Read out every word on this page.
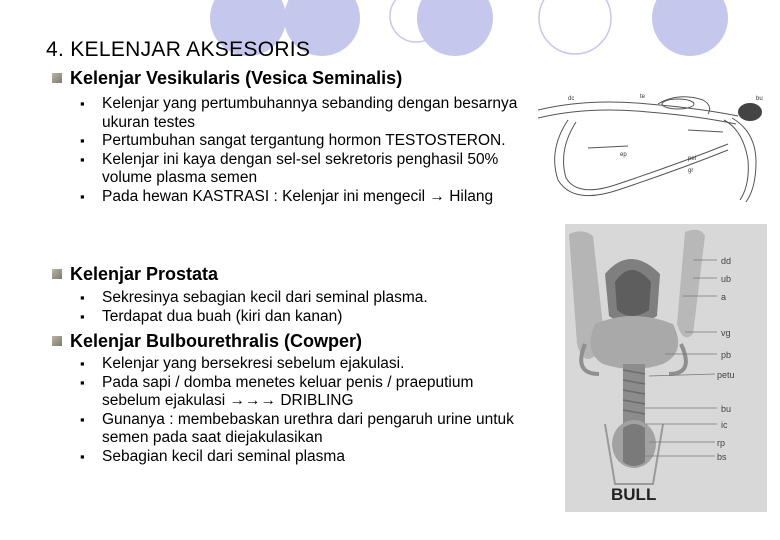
4. KELENJAR AKSESORIS
Kelenjar Vesikularis (Vesica Seminalis)
▪ Kelenjar yang pertumbuhannya sebanding dengan besarnya ukuran testes
▪ Pertumbuhan sangat tergantung hormon TESTOSTERON.
▪ Kelenjar ini kaya dengan sel-sel sekretoris penghasil 50% volume plasma semen
▪ Pada hewan KASTRASI : Kelenjar ini mengecil → Hilang
Kelenjar Prostata
▪ Sekresinya sebagian kecil dari seminal plasma.
▪ Terdapat dua buah (kiri dan kanan)
Kelenjar Bulbourethralis (Cowper)
▪ Kelenjar yang bersekresi sebelum ejakulasi.
▪ Pada sapi / domba menetes keluar penis / praeputium sebelum ejakulasi →→→ DRIBLING
▪ Gunanya : membebaskan urethra dari pengaruh urine untuk semen pada saat diejakulasikan
▪ Sebagian kecil dari seminal plasma
dc	te	bu
pel
gr
ep
dd
ub
a
vg
pb
petu
bu
ic
rp
bs
BULL
